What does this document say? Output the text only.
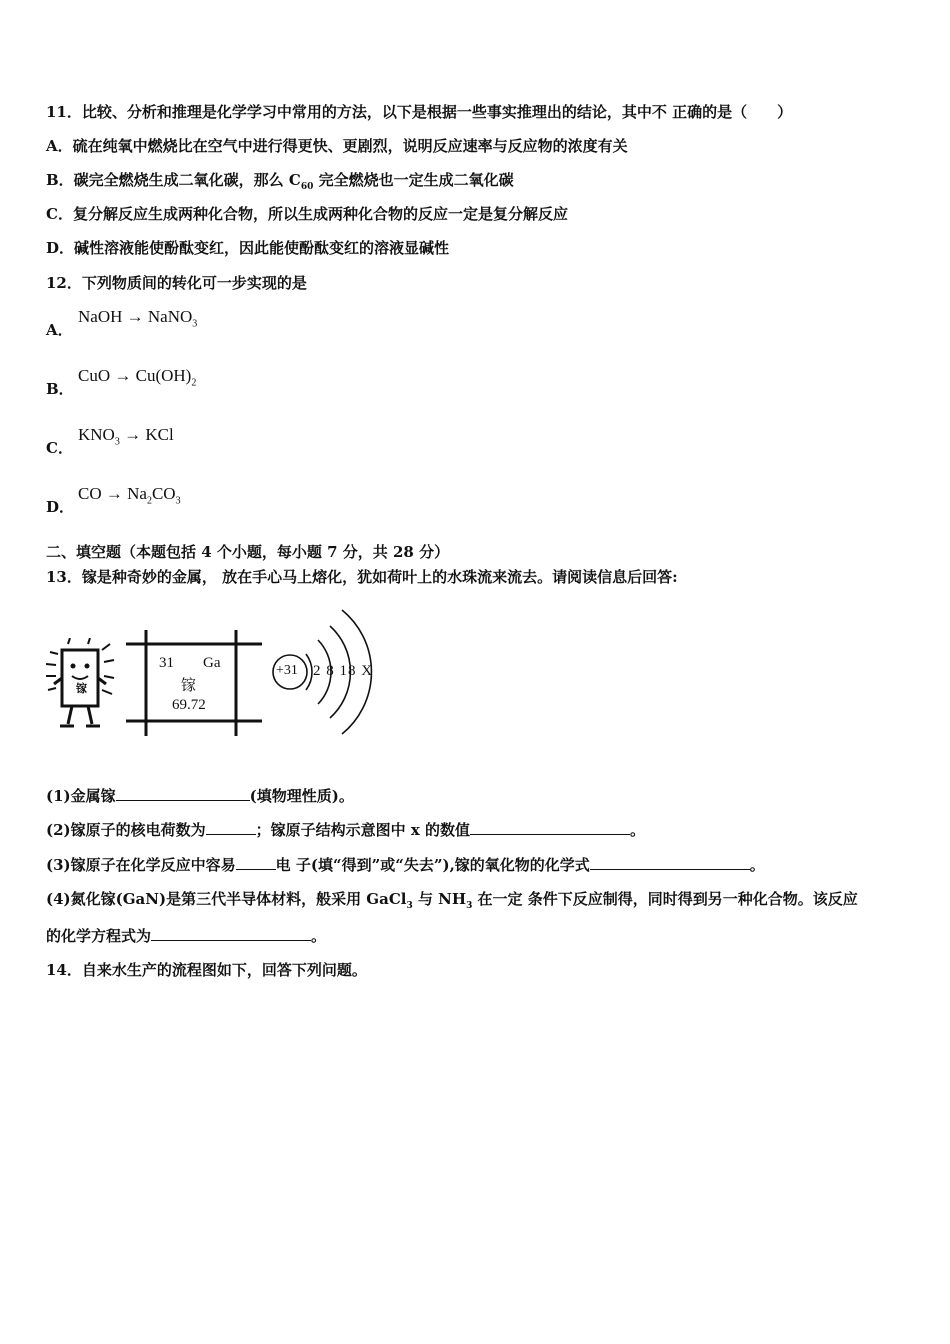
11．比较、分析和推理是化学学习中常用的方法，以下是根据一些事实推理出的结论，其中不 正确的是（　　）
A．硫在纯氧中燃烧比在空气中进行得更快、更剧烈，说明反应速率与反应物的浓度有关
B．碳完全燃烧生成二氧化碳，那么 $C_{60}$ 完全燃烧也一定生成二氧化碳
C．复分解反应生成两种化合物，所以生成两种化合物的反应一定是复分解反应
D．碱性溶液能使酚酞变红，因此能使酚酞变红的溶液显碱性
12．下列物质间的转化可一步实现的是
A．
NaOH → NaNO$_3$
B．
CuO → $Cu(OH)_2$
C．
$KNO_3$ → KCl
D．
CO → $Na_2CO_3$
二、填空题（本题包括 4 个小题，每小题 7 分，共 28 分）
13．镓是种奇妙的金属， 放在手心马上熔化，犹如荷叶上的水珠流来流去。请阅读信息后回答:
镓
31 Ga
镓
69.72
+31 2 8 18 X
(1)金属镓	(填物理性质)。
(2)镓原子的核电荷数为	；镓原子结构示意图中 x 的数值	。
(3)镓原子在化学反应中容易	电 子(填“得到”或“失去”),镓的氧化物的化学式	。
(4)氮化镓(GaN)是第三代半导体材料，般采用 GaCl$_3$ 与 $NH_3$ 在一定 条件下反应制得，同时得到另一种化合物。该反应
的化学方程式为	。
14．自来水生产的流程图如下，回答下列问题。
